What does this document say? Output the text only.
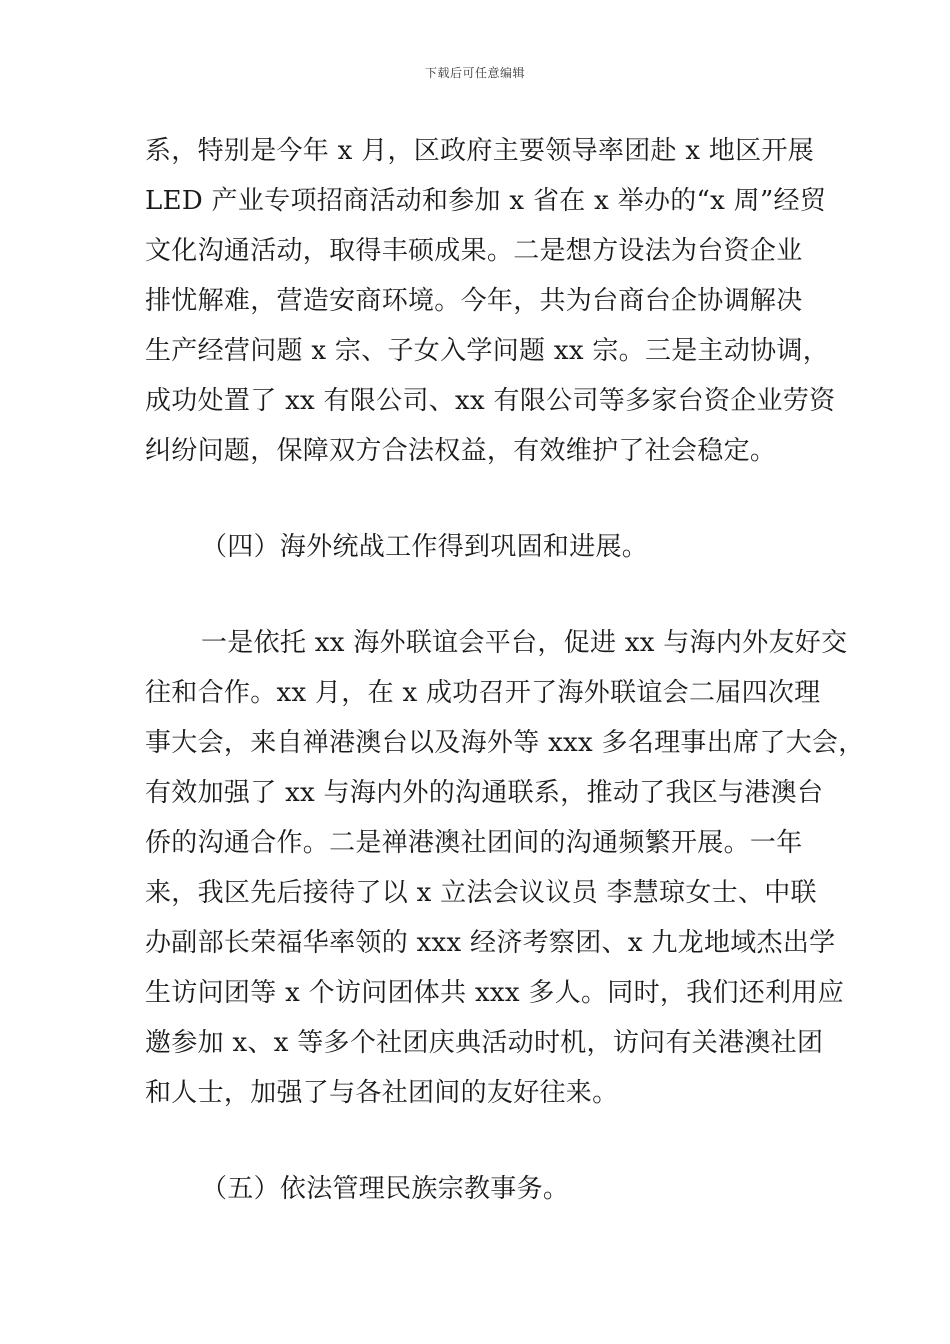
下载后可任意编辑
系，特别是今年 x 月，区政府主要领导率团赴 x 地区开展
LED 产业专项招商活动和参加 x 省在 x 举办的“x 周”经贸
文化沟通活动，取得丰硕成果。二是想方设法为台资企业
排忧解难，营造安商环境。今年，共为台商台企协调解决
生产经营问题 x 宗、子女入学问题 xx 宗。三是主动协调，
成功处置了 xx 有限公司、xx 有限公司等多家台资企业劳资
纠纷问题，保障双方合法权益，有效维护了社会稳定。
（四）海外统战工作得到巩固和进展。
一是依托 xx 海外联谊会平台，促进 xx 与海内外友好交
往和合作。xx 月，在 x 成功召开了海外联谊会二届四次理
事大会，来自禅港澳台以及海外等 xxx 多名理事出席了大会，
有效加强了 xx 与海内外的沟通联系，推动了我区与港澳台
侨的沟通合作。二是禅港澳社团间的沟通频繁开展。一年
来，我区先后接待了以 x 立法会议议员 李慧琼女士、中联
办副部长荣福华率领的 xxx 经济考察团、x 九龙地域杰出学
生访问团等 x 个访问团体共 xxx 多人。同时，我们还利用应
邀参加 x、x 等多个社团庆典活动时机，访问有关港澳社团
和人士，加强了与各社团间的友好往来。
（五）依法管理民族宗教事务。
